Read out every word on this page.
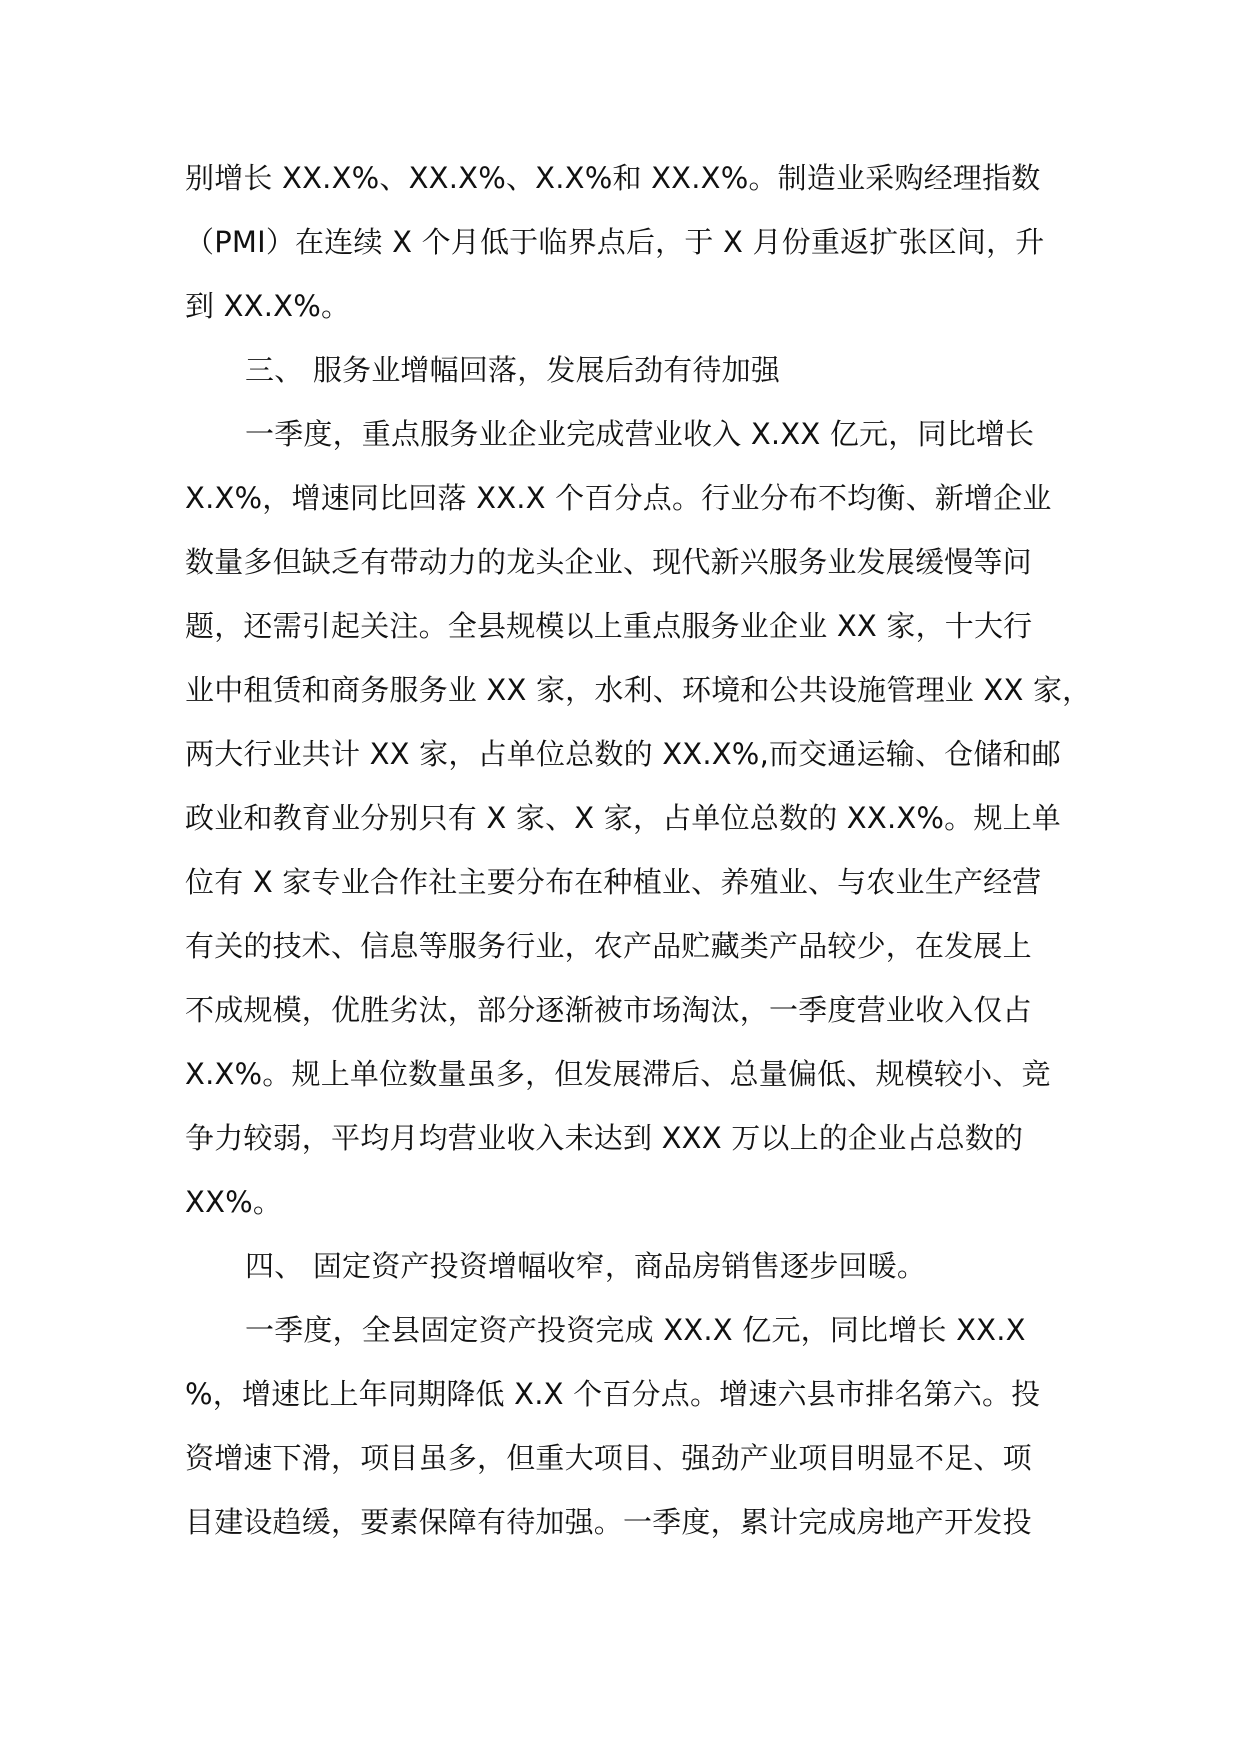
别增长 XX.X%、XX.X%、X.X%和 XX.X%。制造业采购经理指数
（PMI）在连续 X 个月低于临界点后，于 X 月份重返扩张区间，升
到 XX.X%。
三、 服务业增幅回落，发展后劲有待加强
一季度，重点服务业企业完成营业收入 X.XX 亿元，同比增长
X.X%，增速同比回落 XX.X 个百分点。行业分布不均衡、新增企业
数量多但缺乏有带动力的龙头企业、现代新兴服务业发展缓慢等问
题，还需引起关注。全县规模以上重点服务业企业 XX 家，十大行
业中租赁和商务服务业 XX 家，水利、环境和公共设施管理业 XX 家，
两大行业共计 XX 家，占单位总数的 XX.X%,而交通运输、仓储和邮
政业和教育业分别只有 X 家、X 家，占单位总数的 XX.X%。规上单
位有 X 家专业合作社主要分布在种植业、养殖业、与农业生产经营
有关的技术、信息等服务行业，农产品贮藏类产品较少，在发展上
不成规模，优胜劣汰，部分逐渐被市场淘汰，一季度营业收入仅占
X.X%。规上单位数量虽多，但发展滞后、总量偏低、规模较小、竞
争力较弱，平均月均营业收入未达到 XXX 万以上的企业占总数的
XX%。
四、 固定资产投资增幅收窄，商品房销售逐步回暖。
一季度，全县固定资产投资完成 XX.X 亿元，同比增长 XX.X
%，增速比上年同期降低 X.X 个百分点。增速六县市排名第六。投
资增速下滑，项目虽多，但重大项目、强劲产业项目明显不足、项
目建设趋缓，要素保障有待加强。一季度，累计完成房地产开发投
